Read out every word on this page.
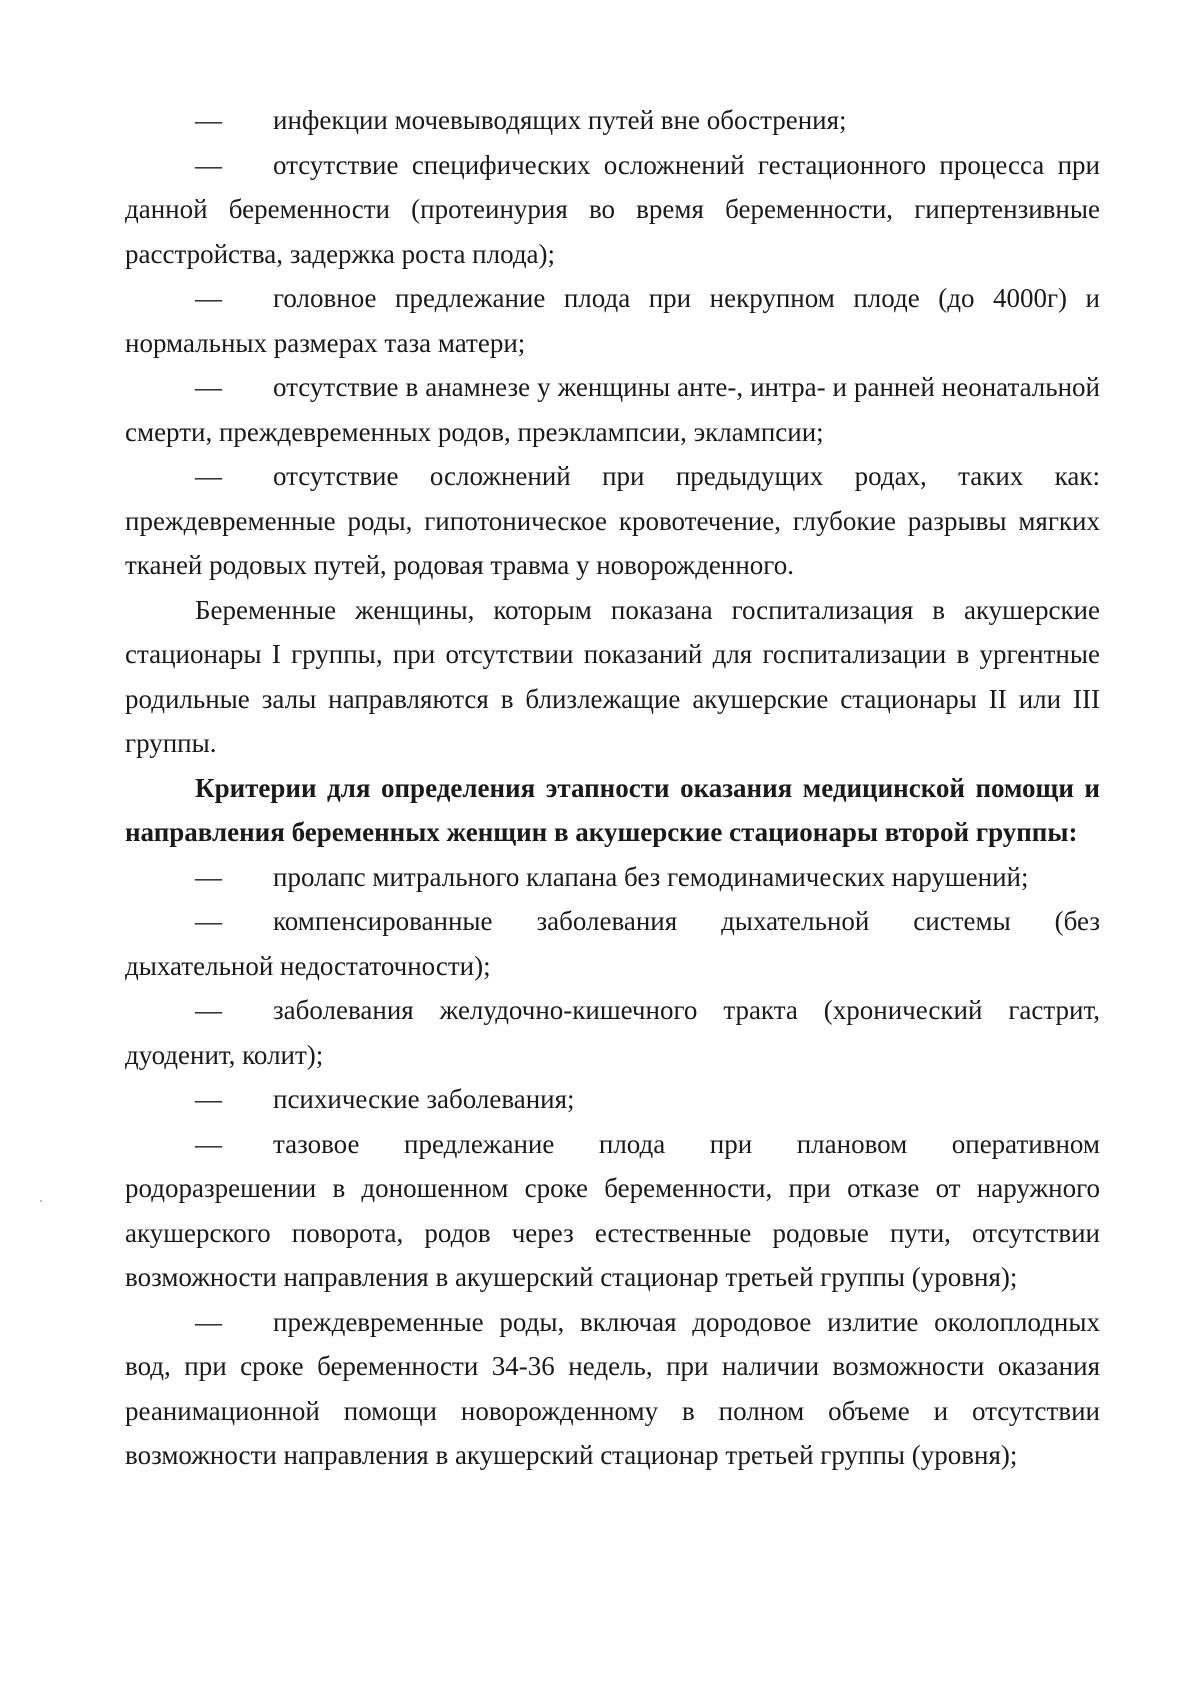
— инфекции мочевыводящих путей вне обострения;

— отсутствие специфических осложнений гестационного процесса при данной беременности (протеинурия во время беременности, гипертензивные расстройства, задержка роста плода);

— головное предлежание плода при некрупном плоде (до 4000г) и нормальных размерах таза матери;

— отсутствие в анамнезе у женщины анте-, интра- и ранней неонатальной смерти, преждевременных родов, преэклампсии, эклампсии;

— отсутствие осложнений при предыдущих родах, таких как: преждевременные роды, гипотоническое кровотечение, глубокие разрывы мягких тканей родовых путей, родовая травма у новорожденного.

Беременные женщины, которым показана госпитализация в акушерские стационары I группы, при отсутствии показаний для госпитализации в ургентные родильные залы направляются в близлежащие акушерские стационары II или III группы.

Критерии для определения этапности оказания медицинской помощи и направления беременных женщин в акушерские стационары второй группы:

— пролапс митрального клапана без гемодинамических нарушений;

— компенсированные заболевания дыхательной системы (без дыхательной недостаточности);

— заболевания желудочно-кишечного тракта (хронический гастрит, дуоденит, колит);

— психические заболевания;

— тазовое предлежание плода при плановом оперативном родоразрешении в доношенном сроке беременности, при отказе от наружного акушерского поворота, родов через естественные родовые пути, отсутствии возможности направления в акушерский стационар третьей группы (уровня);

— преждевременные роды, включая дородовое излитие околоплодных вод, при сроке беременности 34-36 недель, при наличии возможности оказания реанимационной помощи новорожденному в полном объеме и отсутствии возможности направления в акушерский стационар третьей группы (уровня);
